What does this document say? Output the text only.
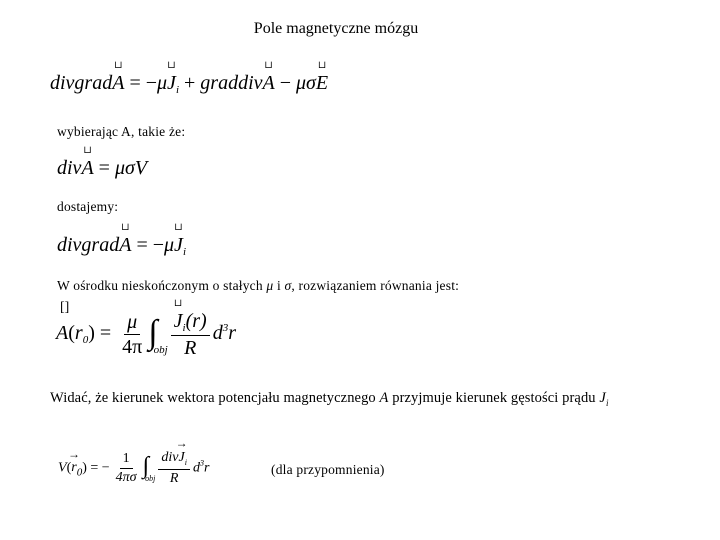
Pole magnetyczne mózgu
divgrad⊔ A = −μ⊔ $J_i$ + graddiv⊔ A − μσ⊔ E
wybierając A, takie że:
div⊔ A = μσV
dostajemy:
divgrad⊔ A = −μ⊔ $J_i$
W ośrodku nieskończonym o stałych μ i σ, rozwiązaniem równania jest:
[]
$A(r_0) = \frac{\mu}{4\pi} \int_{obj}$
⊔ $\frac{J_i(r)}{R} d^3r$
Widać, że kierunek wektora potencjału magnetycznego A przyjmuje kierunek gęstości prądu $J_i$
$V(\to r_0)$ = − $\frac{1}{4\pi\sigma} \int_{obj} \frac{div\to J_i}{R} d^3r$	(dla przypomnienia)
